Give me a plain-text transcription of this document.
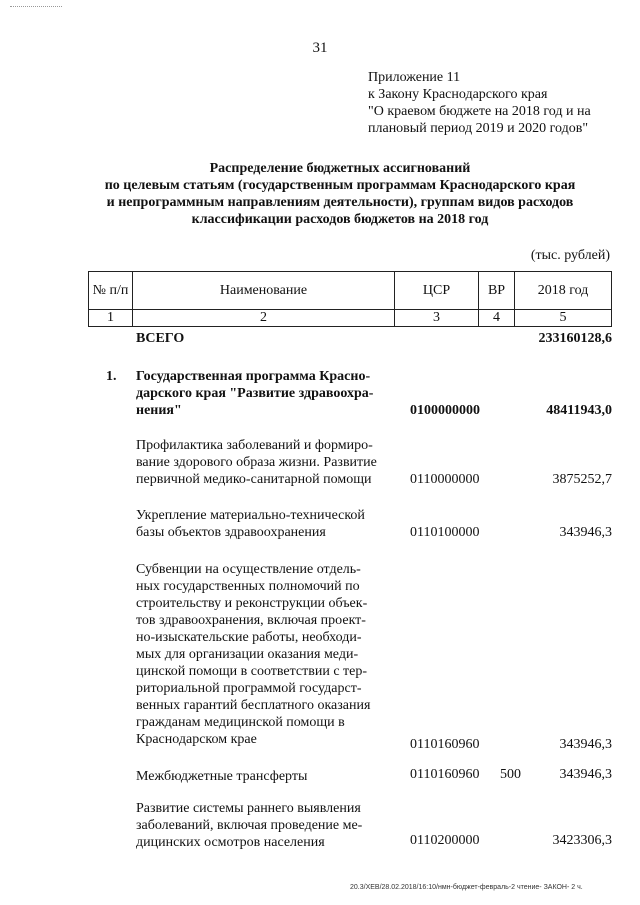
31
Приложение 11
к Закону Краснодарского края
"О краевом бюджете на 2018 год и на
плановый период 2019 и 2020 годов"
Распределение бюджетных ассигнований
по целевым статьям (государственным программам Краснодарского края
и непрограммным направлениям деятельности), группам видов расходов
классификации расходов бюджетов на 2018 год
(тыс. рублей)
№ п/п	Наименование	ЦСР	ВР	2018 год
1	2	3	4	5
ВСЕГО	233160128,6
1. Государственная программа Красно-
дарского края "Развитие здравоохра-
нения"	0100000000	48411943,0
Профилактика заболеваний и формиро-
вание здорового образа жизни. Развитие
первичной медико-санитарной помощи	0110000000	3875252,7
Укрепление материально-технической
базы объектов здравоохранения	0110100000	343946,3
Субвенции на осуществление отдель-
ных государственных полномочий по
строительству и реконструкции объек-
тов здравоохранения, включая проект-
но-изыскательские работы, необходи-
мых для организации оказания меди-
цинской помощи в соответствии с тер-
риториальной программой государст-
венных гарантий бесплатного оказания
гражданам медицинской помощи в
Краснодарском крае	0110160960	343946,3
Межбюджетные трансферты	0110160960 500	343946,3
Развитие системы раннего выявления
заболеваний, включая проведение ме-
дицинских осмотров населения	0110200000	3423306,3
20.3/XEB/28.02.2018/16:10/нмн-бюджет-февраль-2 чтение- ЗАКОН- 2 ч.
